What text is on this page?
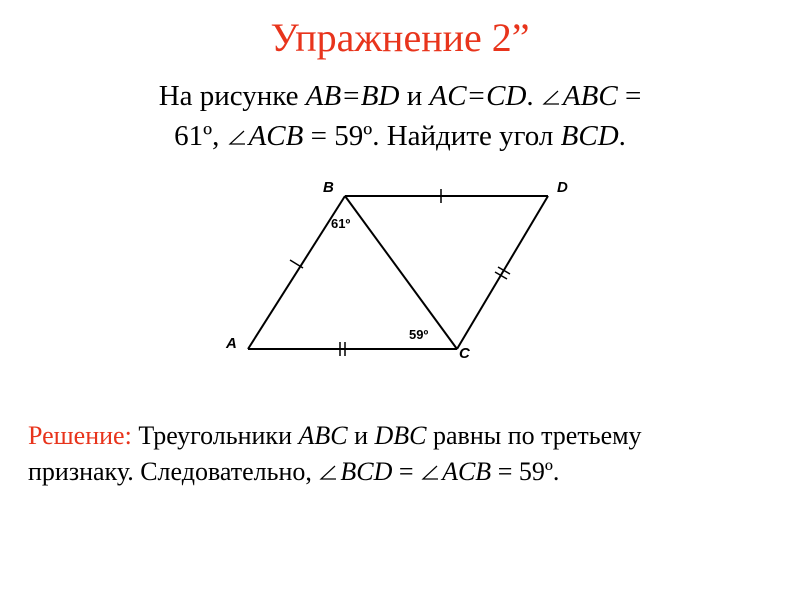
Упражнение 2”
На рисунке AB=BD и AC=CD.
ABC =
61º,
ACB = 59º. Найдите угол BCD.
B	D
A
C
61º
59º
Решение: Треугольники ABC и DBC равны по третьему
признаку. Следовательно,
BCD =
ACB = 59º.
